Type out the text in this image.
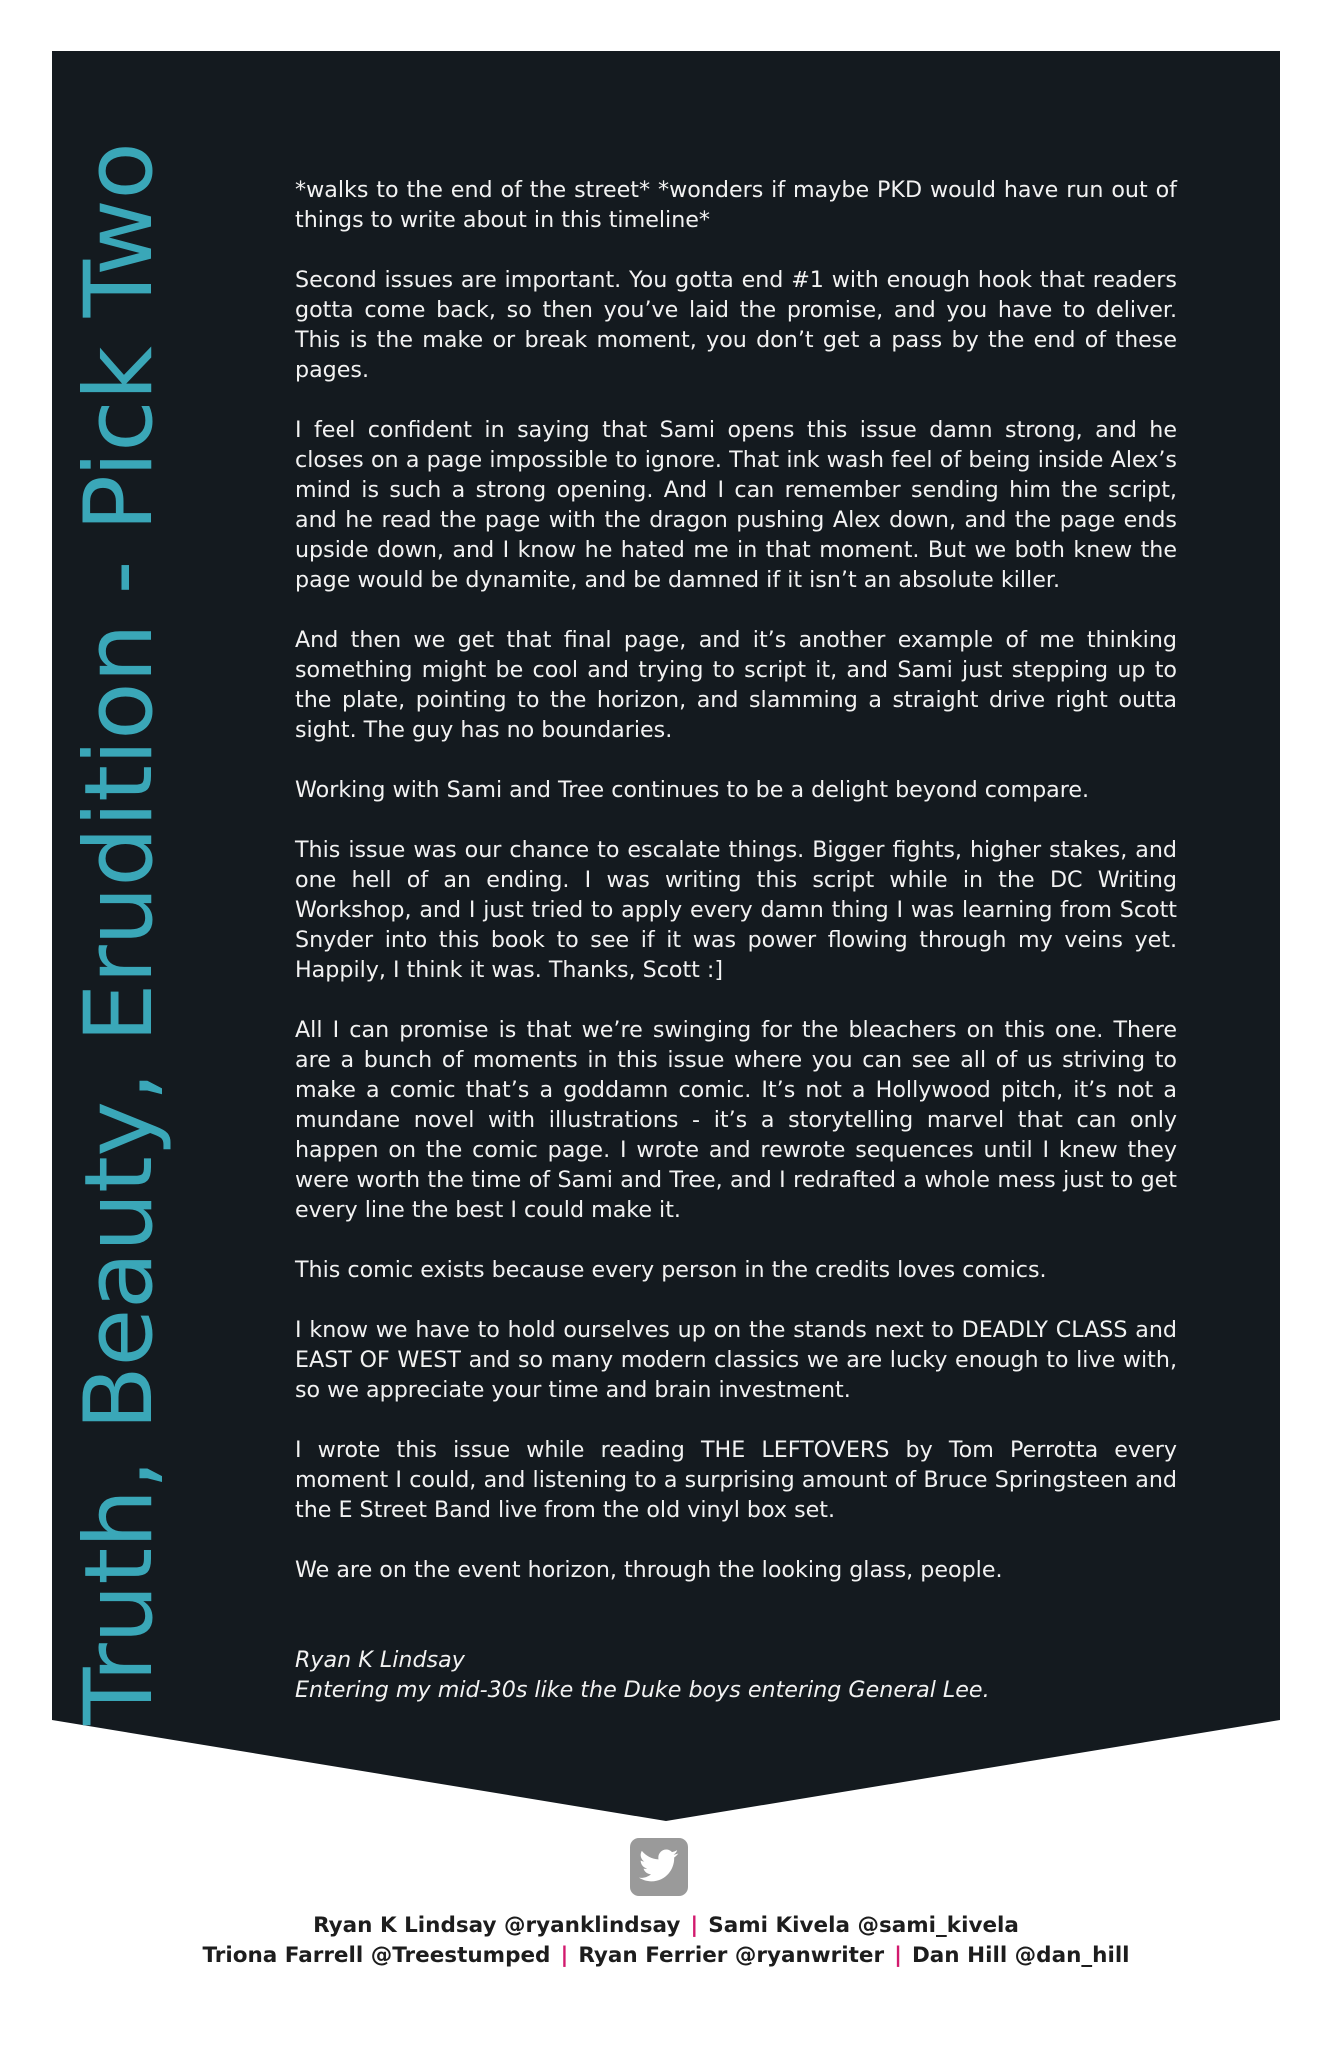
Truth, Beauty, Erudition - Pick Two	*walks to the end of the street* *wonders if maybe PKD would have run out of things to write about in this timeline*

Second issues are important. You gotta end #1 with enough hook that readers gotta come back, so then you’ve laid the promise, and you have to deliver. This is the make or break moment, you don’t get a pass by the end of these pages.

I feel confident in saying that Sami opens this issue damn strong, and he closes on a page impossible to ignore. That ink wash feel of being inside Alex’s mind is such a strong opening. And I can remember sending him the script, and he read the page with the dragon pushing Alex down, and the page ends upside down, and I know he hated me in that moment. But we both knew the page would be dynamite, and be damned if it isn’t an absolute killer.

And then we get that final page, and it’s another example of me thinking something might be cool and trying to script it, and Sami just stepping up to the plate, pointing to the horizon, and slamming a straight drive right outta sight. The guy has no boundaries.

Working with Sami and Tree continues to be a delight beyond compare.

This issue was our chance to escalate things. Bigger fights, higher stakes, and one hell of an ending. I was writing this script while in the DC Writing Workshop, and I just tried to apply every damn thing I was learning from Scott Snyder into this book to see if it was power flowing through my veins yet. Happily, I think it was. Thanks, Scott :]

All I can promise is that we’re swinging for the bleachers on this one. There are a bunch of moments in this issue where you can see all of us striving to make a comic that’s a goddamn comic. It’s not a Hollywood pitch, it’s not a mundane novel with illustrations - it’s a storytelling marvel that can only happen on the comic page. I wrote and rewrote sequences until I knew they were worth the time of Sami and Tree, and I redrafted a whole mess just to get every line the best I could make it.

This comic exists because every person in the credits loves comics.

I know we have to hold ourselves up on the stands next to DEADLY CLASS and EAST OF WEST and so many modern classics we are lucky enough to live with, so we appreciate your time and brain investment.

I wrote this issue while reading THE LEFTOVERS by Tom Perrotta every moment I could, and listening to a surprising amount of Bruce Springsteen and the E Street Band live from the old vinyl box set.

We are on the event horizon, through the looking glass, people.

Ryan K Lindsay
Entering my mid-30s like the Duke boys entering General Lee.
Ryan K Lindsay @ryanklindsay | Sami Kivela @sami_kivela
Triona Farrell @Treestumped | Ryan Ferrier @ryanwriter | Dan Hill @dan_hill
